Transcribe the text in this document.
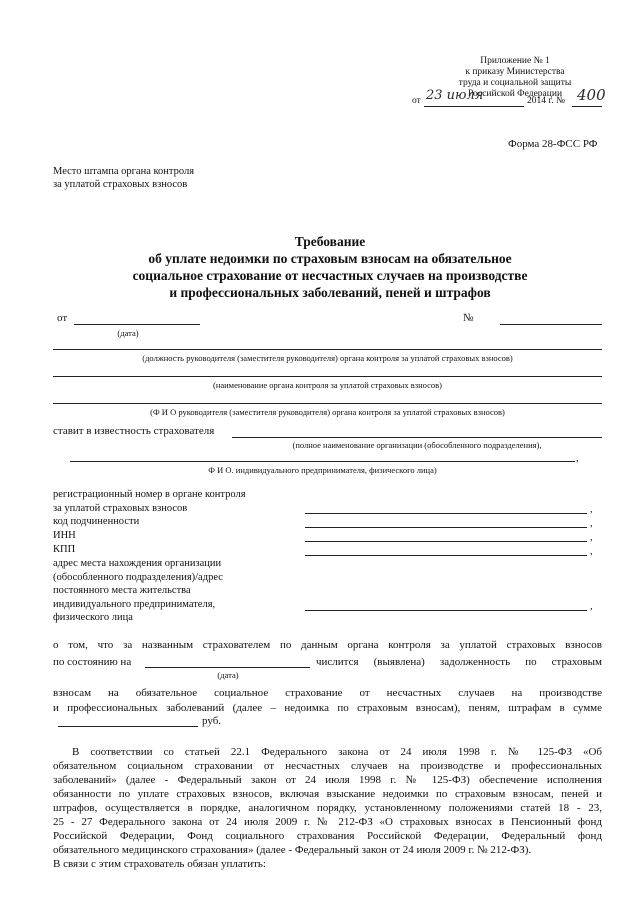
Приложение № 1
к приказу Министерства
труда и социальной защиты
Российской Федерации
от 23 июля	2014 г. № 400
Форма 28-ФСС РФ
Место штампа органа контроля
за уплатой страховых взносов
Требование
об уплате недоимки по страховым взносам на обязательное
социальное страхование от несчастных случаев на производстве
и профессиональных заболеваний, пеней и штрафов
от
(дата)
№
(должность руководителя (заместителя руководителя) органа контроля за уплатой страховых взносов)
(наименование органа контроля за уплатой страховых взносов)
(Ф И О руководителя (заместителя руководителя) органа контроля за уплатой страховых взносов)
ставит в известность страхователя
(полное наименование организации (обособленного подразделения),
,
Ф И О. индивидуального предпринимателя, физического лица)
регистрационный номер в органе контроля
за уплатой страховых взносов	,
код подчиненности	,
ИНН	,
КПП	,
адрес места нахождения организации
(обособленного подразделения)/адрес
постоянного места жительства
индивидуального предпринимателя,
физического лица
,
о том, что за названным страхователем по данным органа контроля за уплатой страховых взносов
по состоянию на
(дата)
числится (выявлена) задолженность по страховым
взносам на обязательное социальное страхование от несчастных случаев на производстве
и профессиональных заболеваний (далее – недоимка по страховым взносам), пеням, штрафам в сумме
руб.
В соответствии со статьей 22.1 Федерального закона от 24 июля 1998 г. № 125-ФЗ «Об
обязательном социальном страховании от несчастных случаев на производстве и профессиональных
заболеваний» (далее - Федеральный закон от 24 июля 1998 г. № 125-ФЗ) обеспечение исполнения
обязанности по уплате страховых взносов, включая взыскание недоимки по страховым взносам, пеней и
штрафов, осуществляется в порядке, аналогичном порядку, установленному положениями статей 18 - 23,
25 - 27 Федерального закона от 24 июля 2009 г. № 212-ФЗ «О страховых взносах в Пенсионный фонд
Российской Федерации, Фонд социального страхования Российской Федерации, Федеральный фонд
обязательного медицинского страхования» (далее - Федеральный закон от 24 июля 2009 г. № 212-ФЗ).
В связи с этим страхователь обязан уплатить:
